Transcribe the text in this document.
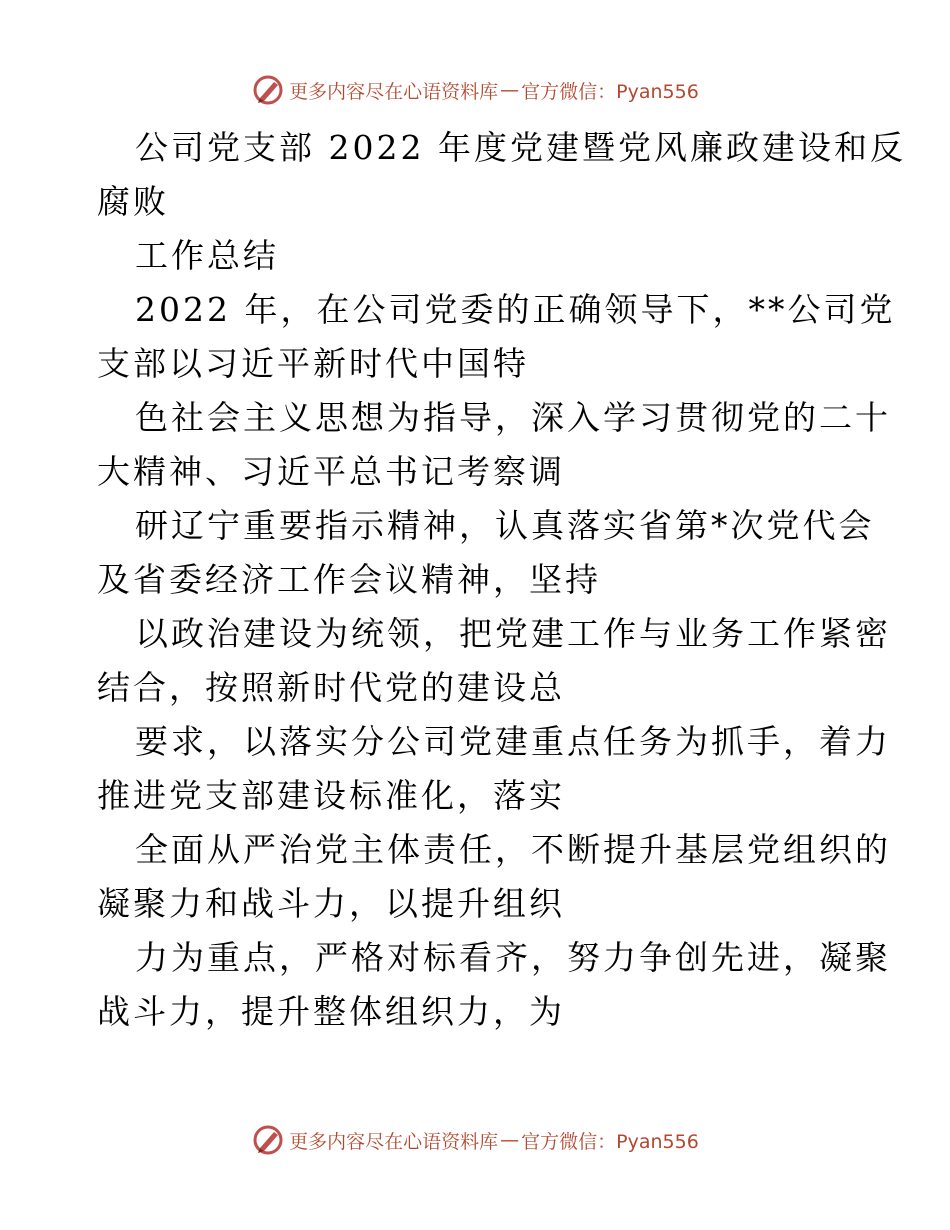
更多内容尽在心语资料库 — 官方微信：Pyan556
公司党支部 2022 年度党建暨党风廉政建设和反
腐败
工作总结
2022 年，在公司党委的正确领导下，**公司党
支部以习近平新时代中国特
色社会主义思想为指导，深入学习贯彻党的二十
大精神、习近平总书记考察调
研辽宁重要指示精神，认真落实省第*次党代会
及省委经济工作会议精神，坚持
以政治建设为统领，把党建工作与业务工作紧密
结合，按照新时代党的建设总
要求，以落实分公司党建重点任务为抓手，着力
推进党支部建设标准化，落实
全面从严治党主体责任，不断提升基层党组织的
凝聚力和战斗力，以提升组织
力为重点，严格对标看齐，努力争创先进，凝聚
战斗力，提升整体组织力，为
更多内容尽在心语资料库 — 官方微信：Pyan556
